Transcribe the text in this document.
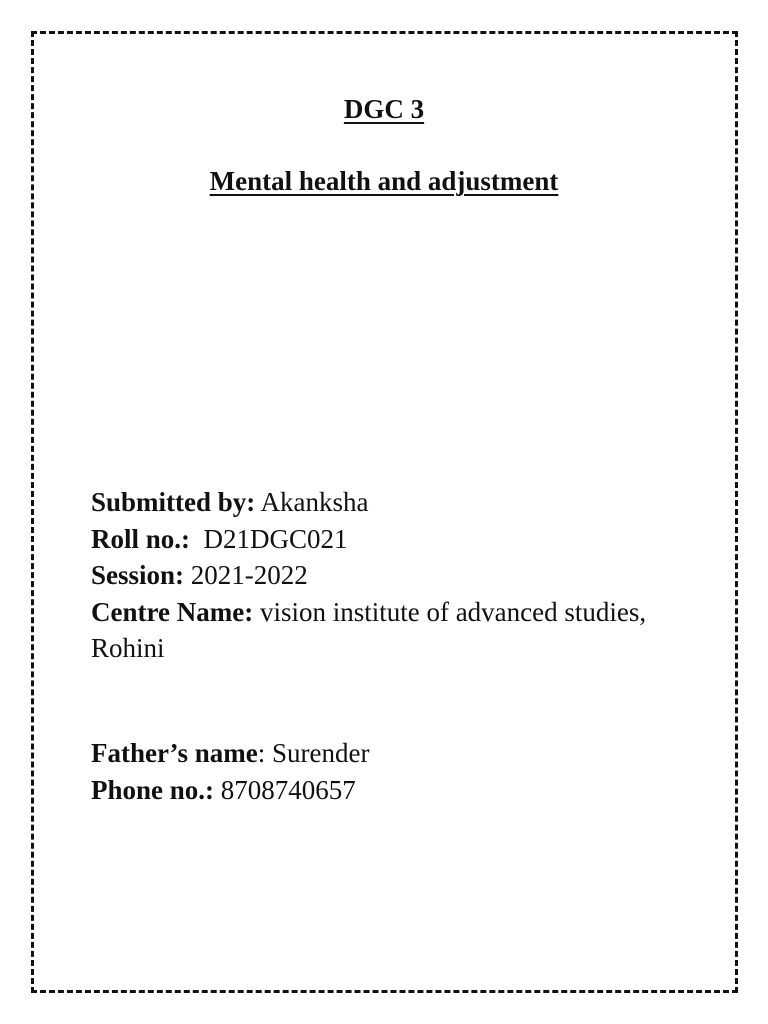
DGC 3
Mental health and adjustment
Submitted by: Akanksha
Roll no.:  D21DGC021
Session: 2021-2022
Centre Name: vision institute of advanced studies, Rohini
Father’s name: Surender
Phone no.: 8708740657
